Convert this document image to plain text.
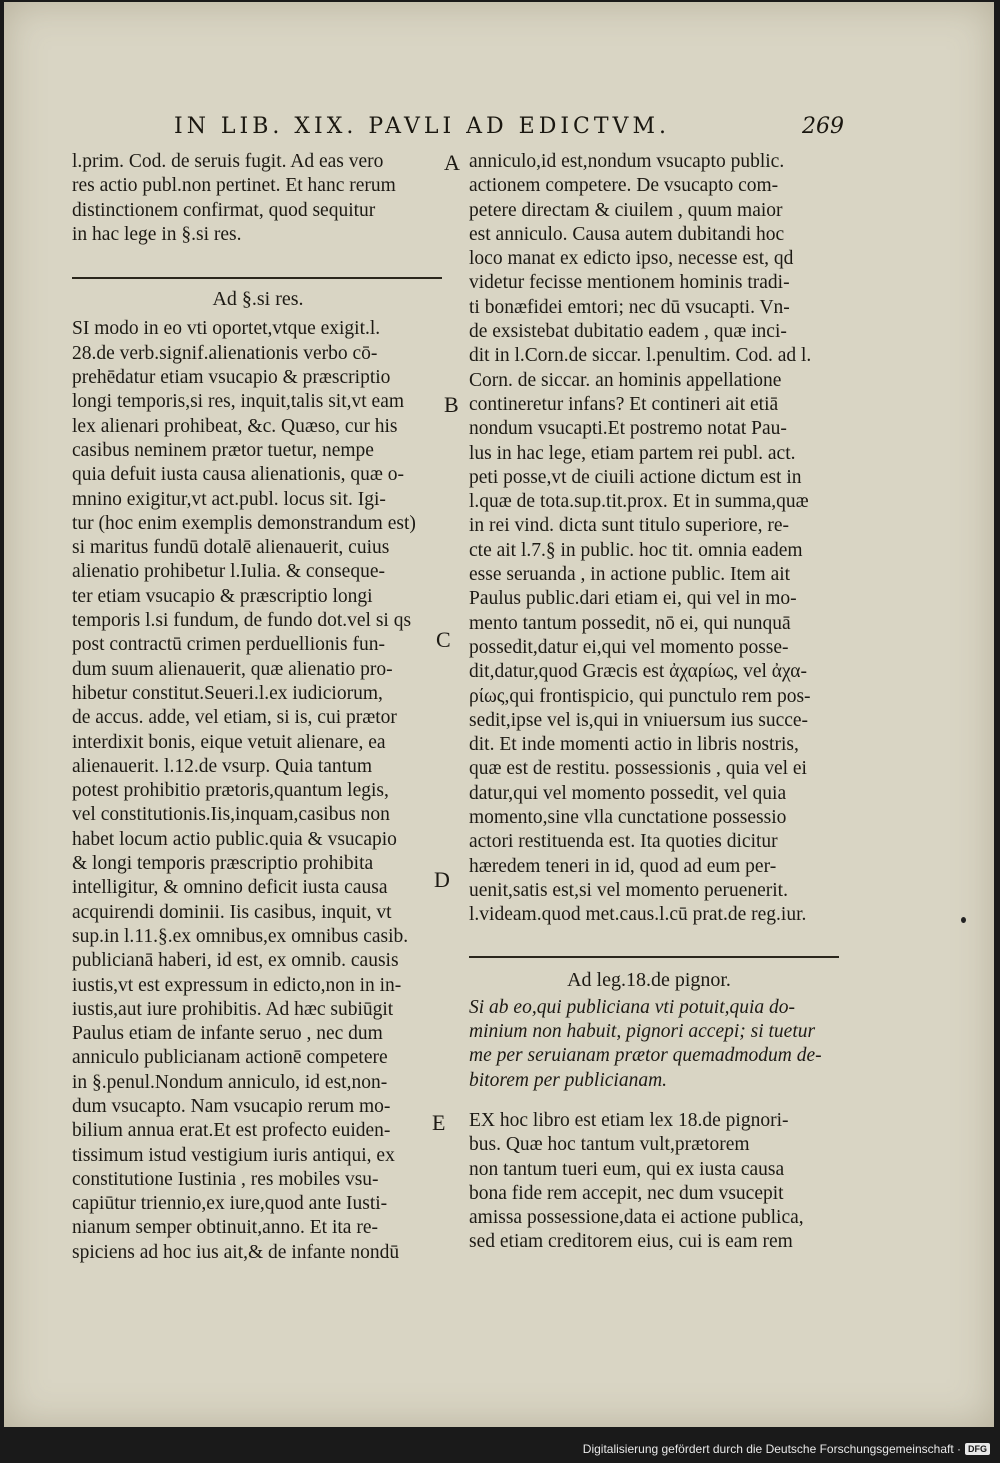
IN LIB. XIX. PAVLI AD EDICTVM.	269

l.prim. Cod. de seruis fugit. Ad eas vero

res actio publ.non pertinet. Et hanc rerum

distinctionem confirmat, quod sequitur

in hac lege in §.si res.

Ad §.si res.

SI modo in eo vti oportet,vtque exigit.l.

28.de verb.signif.alienationis verbo cō-

prehēdatur etiam vsucapio & præscriptio

longi temporis,si res, inquit,talis sit,vt eam

lex alienari prohibeat, &c. Quæso, cur his

casibus neminem prætor tuetur, nempe

quia defuit iusta causa alienationis, quæ o-

mnino exigitur,vt act.publ. locus sit. Igi-

tur (hoc enim exemplis demonstrandum est)

si maritus fundū dotalē alienauerit, cuius

alienatio prohibetur l.Iulia. & conseque-

ter etiam vsucapio & præscriptio longi

temporis l.si fundum, de fundo dot.vel si qs

post contractū crimen perduellionis fun-

dum suum alienauerit, quæ alienatio pro-

hibetur constitut.Seueri.l.ex iudiciorum,

de accus. adde, vel etiam, si is, cui prætor

interdixit bonis, eique vetuit alienare, ea

alienauerit. l.12.de vsurp. Quia tantum

potest prohibitio prætoris,quantum legis,

vel constitutionis.Iis,inquam,casibus non

habet locum actio public.quia & vsucapio

& longi temporis præscriptio prohibita

intelligitur, & omnino deficit iusta causa

acquirendi dominii. Iis casibus, inquit, vt

sup.in l.11.§.ex omnibus,ex omnibus casib.

publicianā haberi, id est, ex omnib. causis

iustis,vt est expressum in edicto,non in in-

iustis,aut iure prohibitis. Ad hæc subiūgit

Paulus etiam de infante seruo , nec dum

anniculo publicianam actionē competere

in §.penul.Nondum anniculo, id est,non-

dum vsucapto. Nam vsucapio rerum mo-

bilium annua erat.Et est profecto euiden-

tissimum istud vestigium iuris antiqui, ex

constitutione Iustinia , res mobiles vsu-

capiūtur triennio,ex iure,quod ante Iusti-

nianum semper obtinuit,anno. Et ita re-

spiciens ad hoc ius ait,& de infante nondū

anniculo,id est,nondum vsucapto public.

actionem competere. De vsucapto com-

petere directam & ciuilem , quum maior

est anniculo. Causa autem dubitandi hoc

loco manat ex edicto ipso, necesse est, qd

videtur fecisse mentionem hominis tradi-

ti bonæfidei emtori; nec dū vsucapti. Vn-

de exsistebat dubitatio eadem , quæ inci-

dit in l.Corn.de siccar. l.penultim. Cod. ad l.

Corn. de siccar. an hominis appellatione

contineretur infans? Et contineri ait etiā

nondum vsucapti.Et postremo notat Pau-

lus in hac lege, etiam partem rei publ. act.

peti posse,vt de ciuili actione dictum est in

l.quæ de tota.sup.tit.prox. Et in summa,quæ

in rei vind. dicta sunt titulo superiore, re-

cte ait l.7.§ in public. hoc tit. omnia eadem

esse seruanda , in actione public. Item ait

Paulus public.dari etiam ei, qui vel in mo-

mento tantum possedit, nō ei, qui nunquā

possedit,datur ei,qui vel momento posse-

dit,datur,quod Græcis est ἀχαρίως, vel ἀχα-

ρίως,qui frontispicio, qui punctulo rem pos-

sedit,ipse vel is,qui in vniuersum ius succe-

dit. Et inde momenti actio in libris nostris,

quæ est de restitu. possessionis , quia vel ei

datur,qui vel momento possedit, vel quia

momento,sine vlla cunctatione possessio

actori restituenda est. Ita quoties dicitur

hæredem teneri in id, quod ad eum per-

uenit,satis est,si vel momento peruenerit.

l.videam.quod met.caus.l.cū prat.de reg.iur.

Ad leg.18.de pignor.

Si ab eo,qui publiciana vti potuit,quia do-

minium non habuit, pignori accepi; si tuetur

me per seruianam prætor quemadmodum de-

bitorem per publicianam.

EX hoc libro est etiam lex 18.de pignori-

bus. Quæ hoc tantum vult,prætorem

non tantum tueri eum, qui ex iusta causa

bona fide rem accepit, nec dum vsucepit

amissa possessione,data ei actione publica,

sed etiam creditorem eius, cui is eam rem

A
B
C
D
E
Digitalisierung gefördert durch die Deutsche Forschungsgemeinschaft · DFG
